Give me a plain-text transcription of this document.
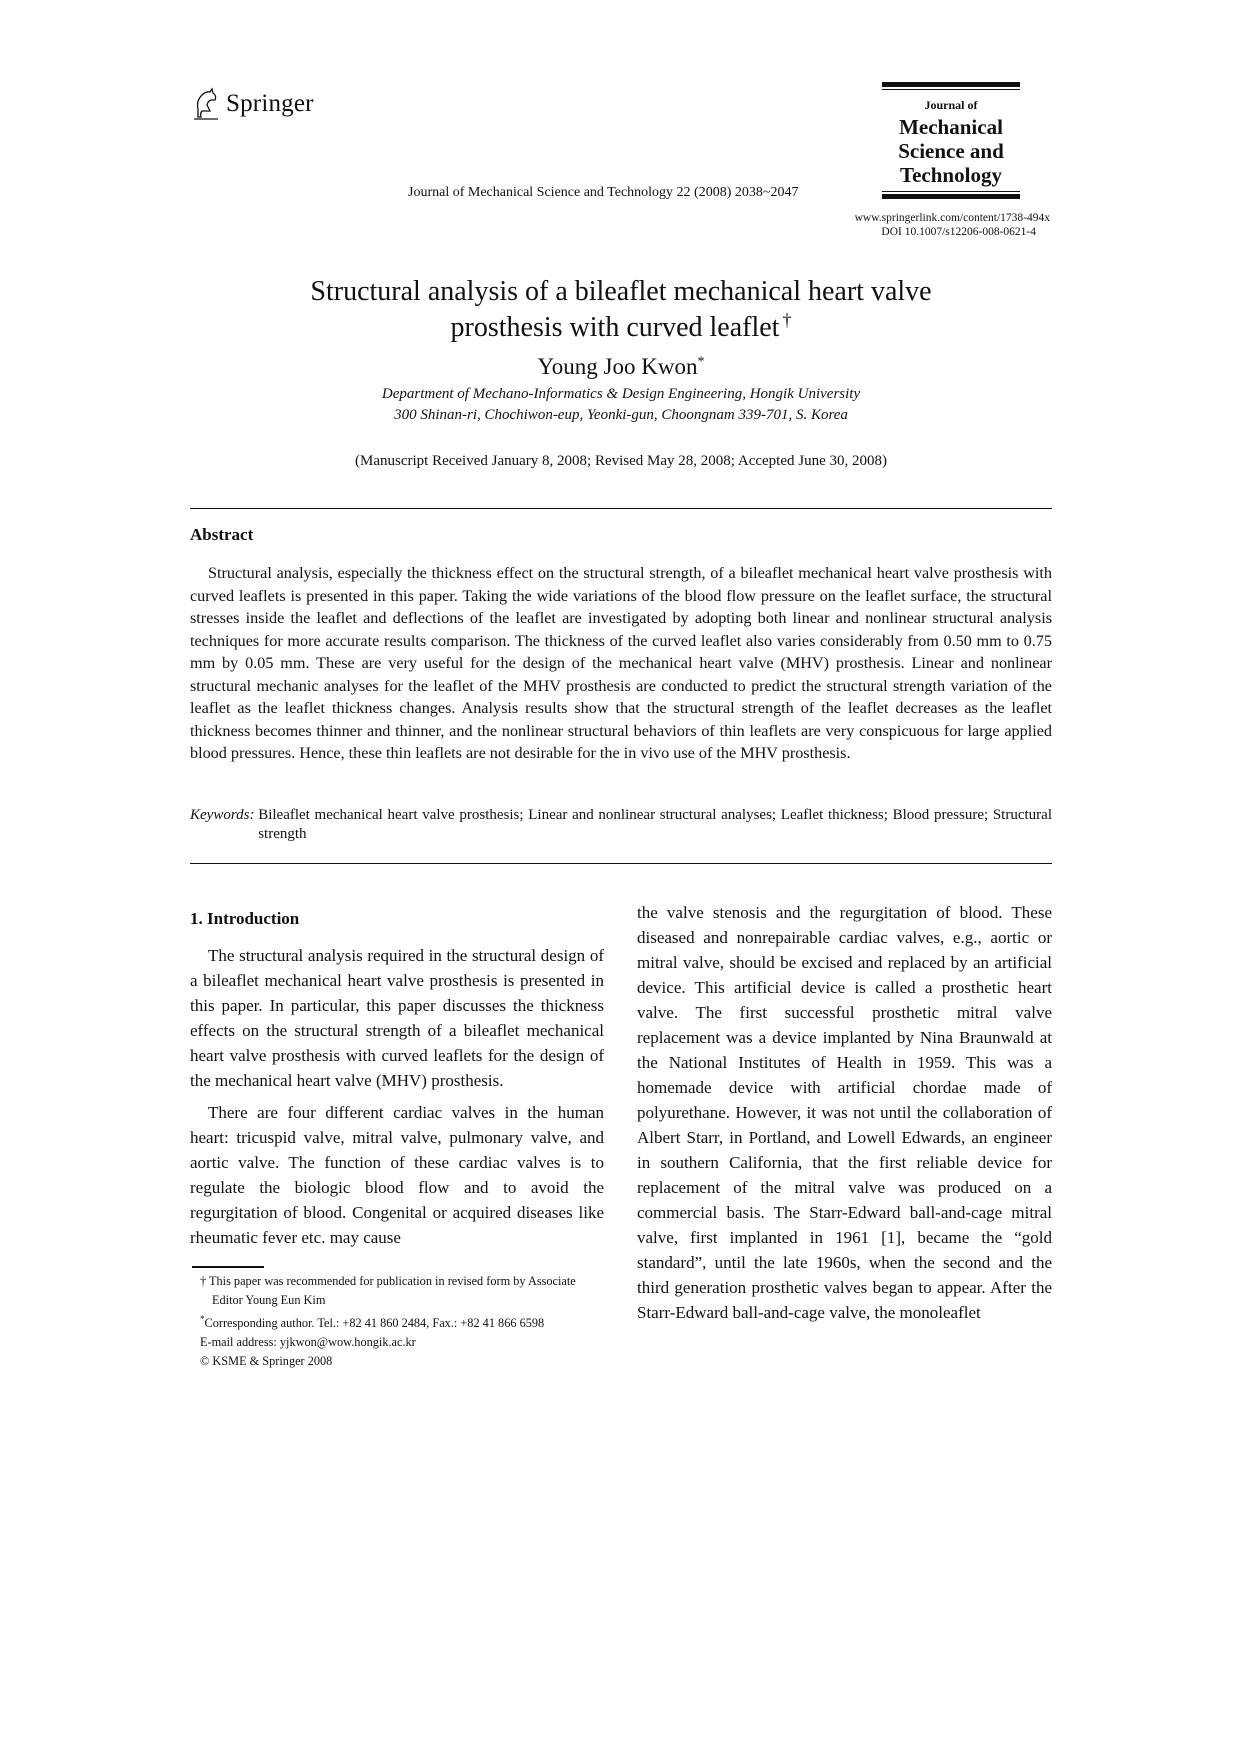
Springer
Journal of Mechanical Science and Technology 22 (2008) 2038~2047
Journal of
Mechanical
Science and
Technology
www.springerlink.com/content/1738-494x
DOI 10.1007/s12206-008-0621-4
Structural analysis of a bileaflet mechanical heart valve
prosthesis with curved leaflet †
Young Joo Kwon*
Department of Mechano-Informatics & Design Engineering, Hongik University
300 Shinan-ri, Chochiwon-eup, Yeonki-gun, Choongnam 339-701, S. Korea
(Manuscript Received January 8, 2008; Revised May 28, 2008; Accepted June 30, 2008)
Abstract
Structural analysis, especially the thickness effect on the structural strength, of a bileaflet mechanical heart valve prosthesis with curved leaflets is presented in this paper. Taking the wide variations of the blood flow pressure on the leaflet surface, the structural stresses inside the leaflet and deflections of the leaflet are investigated by adopting both linear and nonlinear structural analysis techniques for more accurate results comparison. The thickness of the curved leaflet also varies considerably from 0.50 mm to 0.75 mm by 0.05 mm. These are very useful for the design of the mechanical heart valve (MHV) prosthesis. Linear and nonlinear structural mechanic analyses for the leaflet of the MHV prosthesis are conducted to predict the structural strength variation of the leaflet as the leaflet thickness changes. Analysis results show that the structural strength of the leaflet decreases as the leaflet thickness becomes thinner and thinner, and the nonlinear structural behaviors of thin leaflets are very conspicuous for large applied blood pressures. Hence, these thin leaflets are not desirable for the in vivo use of the MHV prosthesis.
Keywords: Bileaflet mechanical heart valve prosthesis; Linear and nonlinear structural analyses; Leaflet thickness; Blood pressure; Structural strength
1. Introduction

The structural analysis required in the structural design of a bileaflet mechanical heart valve prosthesis is presented in this paper. In particular, this paper discusses the thickness effects on the structural strength of a bileaflet mechanical heart valve prosthesis with curved leaflets for the design of the mechanical heart valve (MHV) prosthesis.

There are four different cardiac valves in the human heart: tricuspid valve, mitral valve, pulmonary valve, and aortic valve. The function of these cardiac valves is to regulate the biologic blood flow and to avoid the regurgitation of blood. Congenital or acquired diseases like rheumatic fever etc. may cause

the valve stenosis and the regurgitation of blood. These diseased and nonrepairable cardiac valves, e.g., aortic or mitral valve, should be excised and replaced by an artificial device. This artificial device is called a prosthetic heart valve. The first successful prosthetic mitral valve replacement was a device implanted by Nina Braunwald at the National Institutes of Health in 1959. This was a homemade device with artificial chordae made of polyurethane. However, it was not until the collaboration of Albert Starr, in Portland, and Lowell Edwards, an engineer in southern California, that the first reliable device for replacement of the mitral valve was produced on a commercial basis. The Starr-Edward ball-and-cage mitral valve, first implanted in 1961 [1], became the “gold standard”, until the late 1960s, when the second and the third generation prosthetic valves began to appear. After the Starr-Edward ball-and-cage valve, the monoleaflet

† This paper was recommended for publication in revised form by Associate Editor Young Eun Kim

*Corresponding author. Tel.: +82 41 860 2484, Fax.: +82 41 866 6598

E-mail address: yjkwon@wow.hongik.ac.kr

© KSME & Springer 2008
